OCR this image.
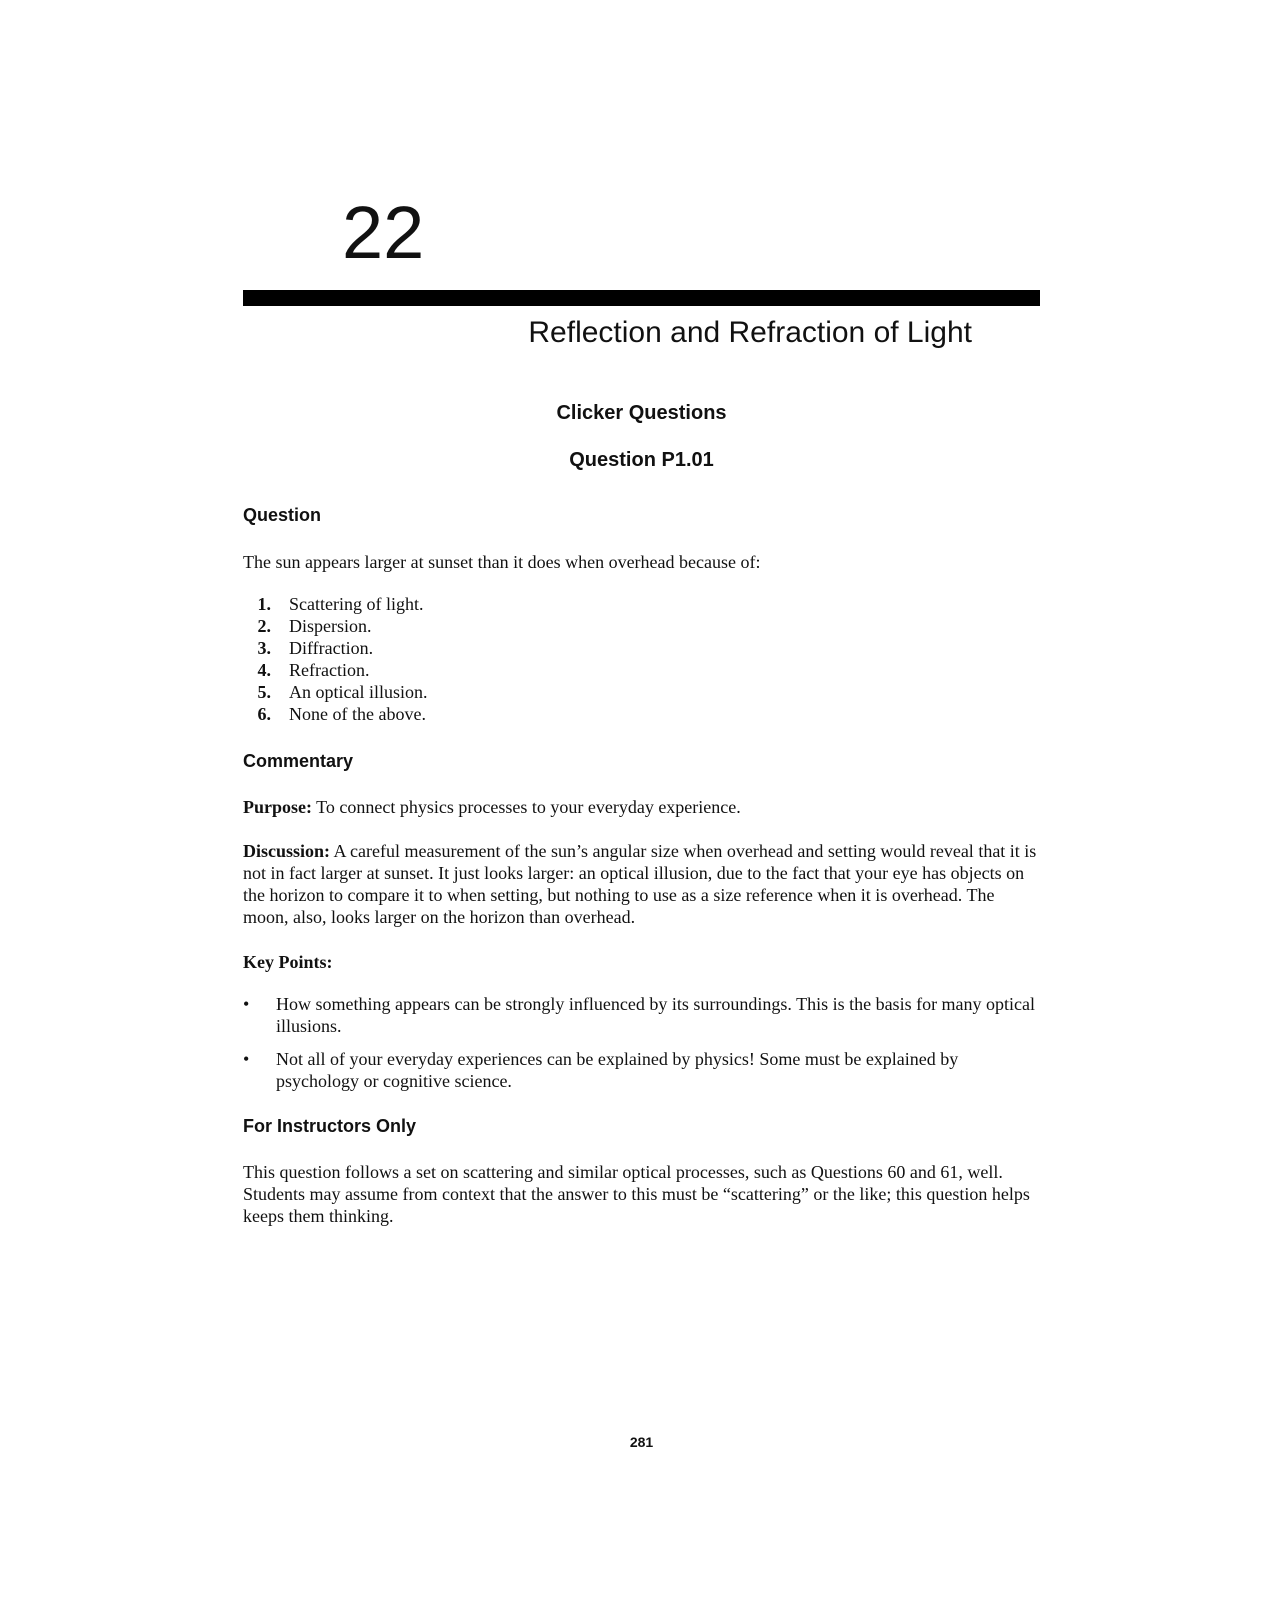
22
Reflection and Refraction of Light
Clicker Questions
Question P1.01
Question

The sun appears larger at sunset than it does when overhead because of:

1. Scattering of light.
2. Dispersion.
3. Diffraction.
4. Refraction.
5. An optical illusion.
6. None of the above.
Commentary

Purpose: To connect physics processes to your everyday experience.

Discussion: A careful measurement of the sun’s angular size when overhead and setting would reveal that it is not in fact larger at sunset. It just looks larger: an optical illusion, due to the fact that your eye has objects on the horizon to compare it to when setting, but nothing to use as a size reference when it is overhead. The moon, also, looks larger on the horizon than overhead.

Key Points:

• How something appears can be strongly influenced by its surroundings. This is the basis for many optical illusions.
• Not all of your everyday experiences can be explained by physics! Some must be explained by psychology or cognitive science.
For Instructors Only

This question follows a set on scattering and similar optical processes, such as Questions 60 and 61, well. Students may assume from context that the answer to this must be “scattering” or the like; this question helps keeps them thinking.

281
